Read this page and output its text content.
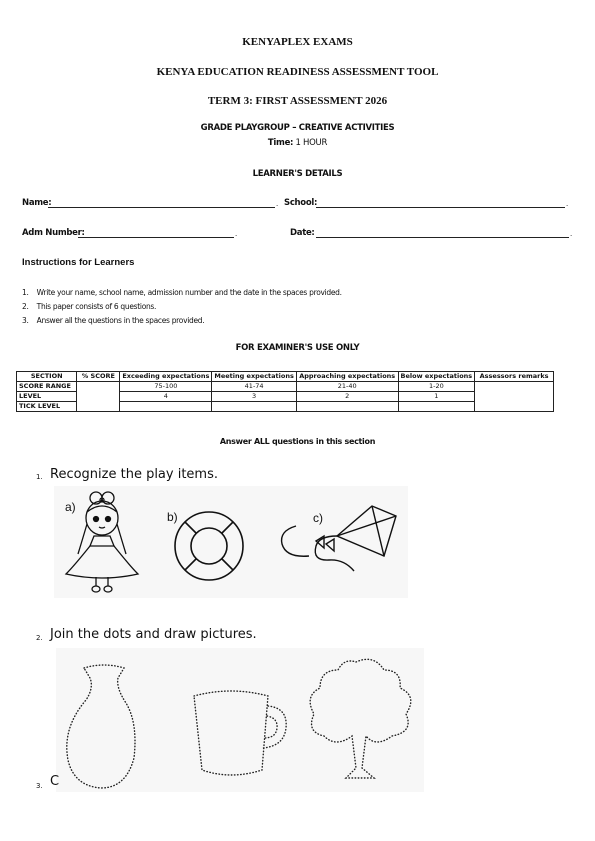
KENYAPLEX EXAMS
KENYA EDUCATION READINESS ASSESSMENT TOOL
TERM 3: FIRST ASSESSMENT 2026
GRADE PLAYGROUP – CREATIVE ACTIVITIES
Time: 1 HOUR
LEARNER'S DETAILS
Name:	. School:	.
Adm Number:	.	Date:	.
Instructions for Learners
1. Write your name, school name, admission number and the date in the spaces provided.
2. This paper consists of 6 questions.
3. Answer all the questions in the spaces provided.
FOR EXAMINER'S USE ONLY
SECTION	% SCORE	Exceeding expectations	Meeting expectations	Approaching expectations	Below expectations	Assessors remarks
SCORE RANGE		75-100	41-74	21-40	1-20	
LEVEL		4	3	2	1	
TICK LEVEL						
Answer ALL questions in this section
1. Recognize the play items.
a)
b)	c)
2. Join the dots and draw pictures.
3. C
